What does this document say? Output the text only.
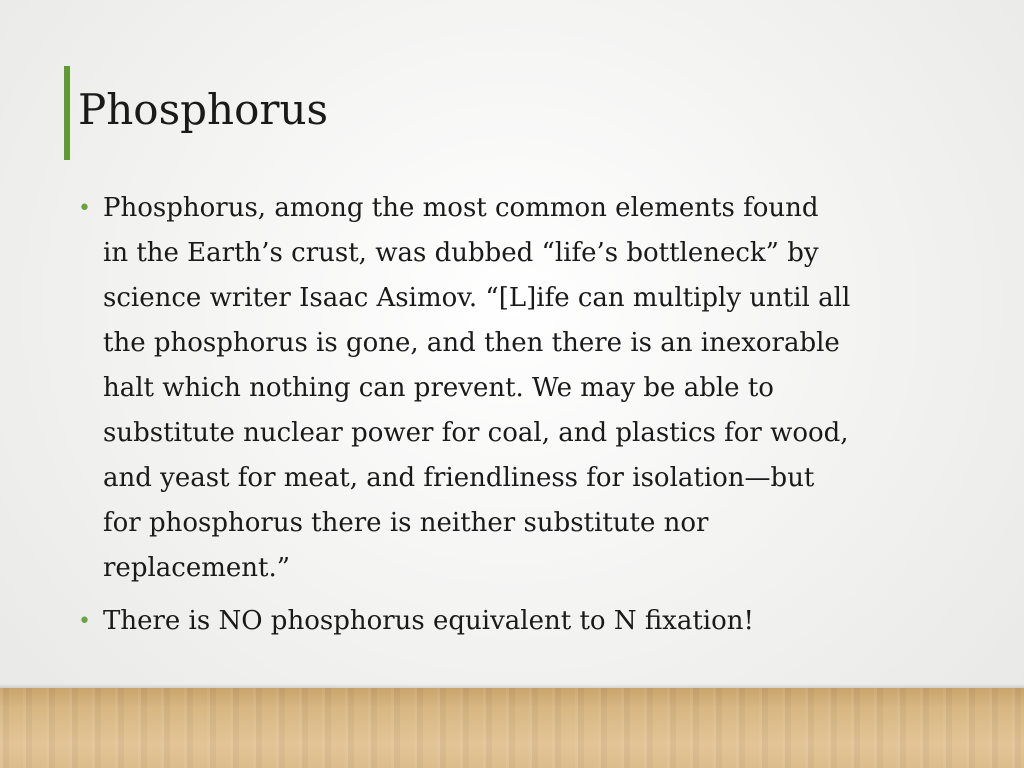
Phosphorus
• Phosphorus, among the most common elements found
in the Earth’s crust, was dubbed “life’s bottleneck” by
science writer Isaac Asimov. “[L]ife can multiply until all
the phosphorus is gone, and then there is an inexorable
halt which nothing can prevent. We may be able to
substitute nuclear power for coal, and plastics for wood,
and yeast for meat, and friendliness for isolation—but
for phosphorus there is neither substitute nor
replacement.”
• There is NO phosphorus equivalent to N fixation!
